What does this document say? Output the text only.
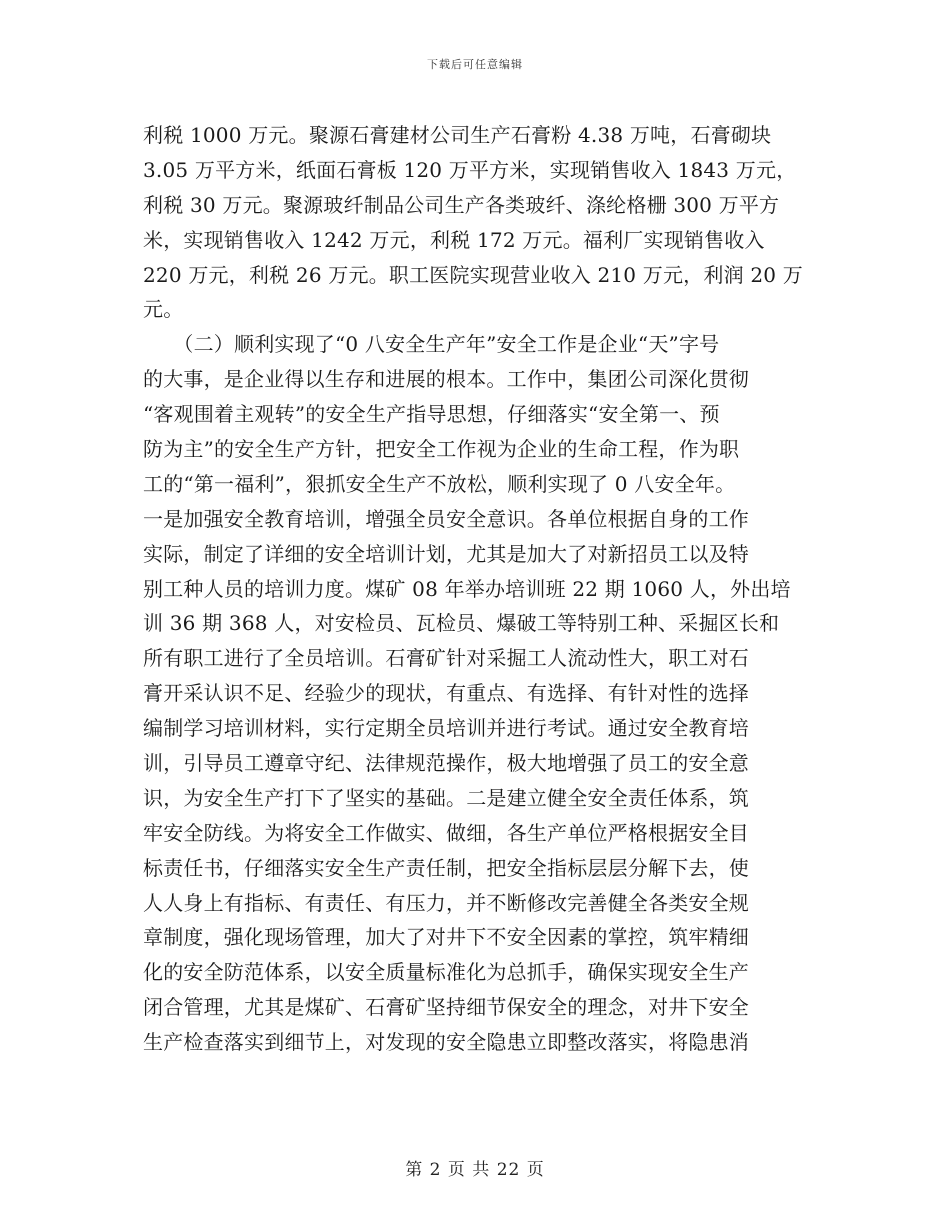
下载后可任意编辑
利税 1000 万元。聚源石膏建材公司生产石膏粉 4.38 万吨，石膏砌块
3.05 万平方米，纸面石膏板 120 万平方米，实现销售收入 1843 万元，
利税 30 万元。聚源玻纤制品公司生产各类玻纤、涤纶格栅 300 万平方
米，实现销售收入 1242 万元，利税 172 万元。福利厂实现销售收入
220 万元，利税 26 万元。职工医院实现营业收入 210 万元，利润 20 万
元。
　　（二）顺利实现了“0 八安全生产年”安全工作是企业“天”字号
的大事，是企业得以生存和进展的根本。工作中，集团公司深化贯彻
“客观围着主观转”的安全生产指导思想，仔细落实“安全第一、预
防为主”的安全生产方针，把安全工作视为企业的生命工程，作为职
工的“第一福利”，狠抓安全生产不放松，顺利实现了 0 八安全年。
一是加强安全教育培训，增强全员安全意识。各单位根据自身的工作
实际，制定了详细的安全培训计划，尤其是加大了对新招员工以及特
别工种人员的培训力度。煤矿 08 年举办培训班 22 期 1060 人，外出培
训 36 期 368 人，对安检员、瓦检员、爆破工等特别工种、采掘区长和
所有职工进行了全员培训。石膏矿针对采掘工人流动性大，职工对石
膏开采认识不足、经验少的现状，有重点、有选择、有针对性的选择
编制学习培训材料，实行定期全员培训并进行考试。通过安全教育培
训，引导员工遵章守纪、法律规范操作，极大地增强了员工的安全意
识，为安全生产打下了坚实的基础。二是建立健全安全责任体系，筑
牢安全防线。为将安全工作做实、做细，各生产单位严格根据安全目
标责任书，仔细落实安全生产责任制，把安全指标层层分解下去，使
人人身上有指标、有责任、有压力，并不断修改完善健全各类安全规
章制度，强化现场管理，加大了对井下不安全因素的掌控，筑牢精细
化的安全防范体系，以安全质量标准化为总抓手，确保实现安全生产
闭合管理，尤其是煤矿、石膏矿坚持细节保安全的理念，对井下安全
生产检查落实到细节上，对发现的安全隐患立即整改落实，将隐患消
第 2 页 共 22 页
